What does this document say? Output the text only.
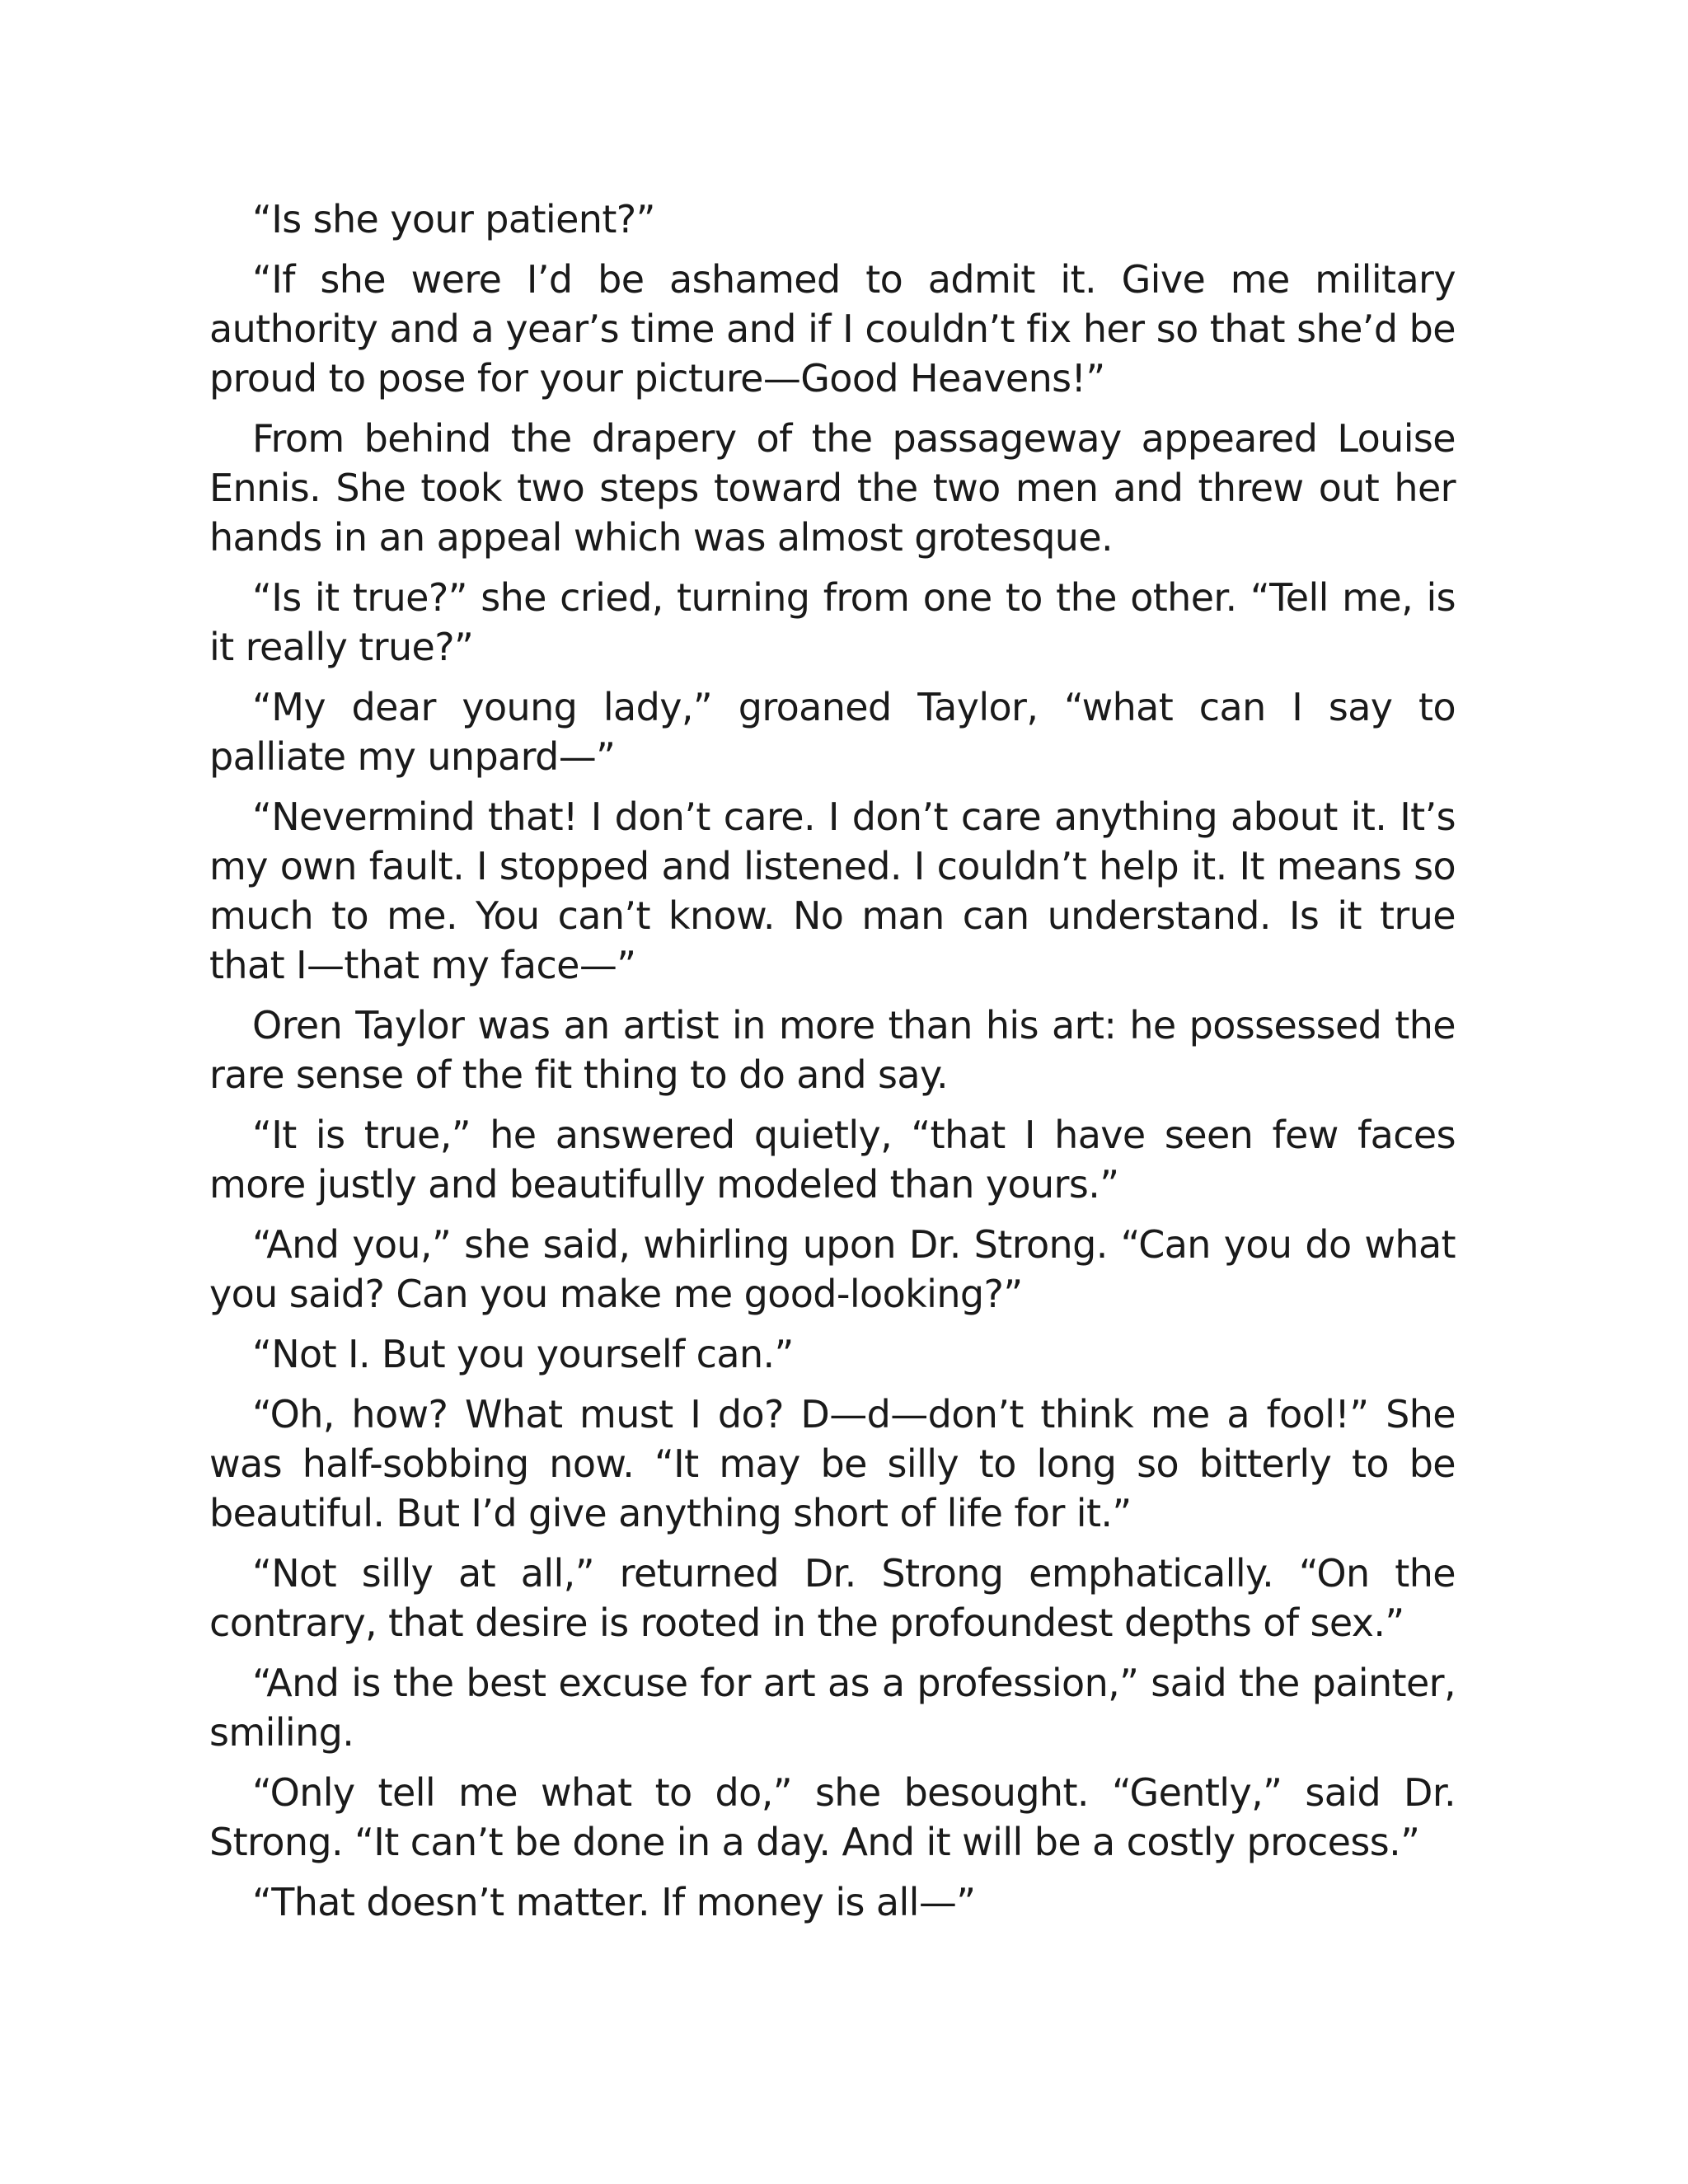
“Is she your patient?”

“If she were I’d be ashamed to admit it. Give me military authority and a year’s time and if I couldn’t fix her so that she’d be proud to pose for your picture—Good Heavens!”

From behind the drapery of the passageway appeared Louise Ennis. She took two steps toward the two men and threw out her hands in an appeal which was almost grotesque.

“Is it true?” she cried, turning from one to the other. “Tell me, is it really true?”

“My dear young lady,” groaned Taylor, “what can I say to palliate my unpard—”

“Nevermind that! I don’t care. I don’t care anything about it. It’s my own fault. I stopped and listened. I couldn’t help it. It means so much to me. You can’t know. No man can understand. Is it true that I—that my face—”

Oren Taylor was an artist in more than his art: he possessed the rare sense of the fit thing to do and say.

“It is true,” he answered quietly, “that I have seen few faces more justly and beautifully modeled than yours.”

“And you,” she said, whirling upon Dr. Strong. “Can you do what you said? Can you make me good-looking?”

“Not I. But you yourself can.”

“Oh, how? What must I do? D—d—don’t think me a fool!” She was half-sobbing now. “It may be silly to long so bitterly to be beautiful. But I’d give anything short of life for it.”

“Not silly at all,” returned Dr. Strong emphatically. “On the contrary, that desire is rooted in the profoundest depths of sex.”

“And is the best excuse for art as a profession,” said the painter, smiling.

“Only tell me what to do,” she besought. “Gently,” said Dr. Strong. “It can’t be done in a day. And it will be a costly process.”

“That doesn’t matter. If money is all—”
